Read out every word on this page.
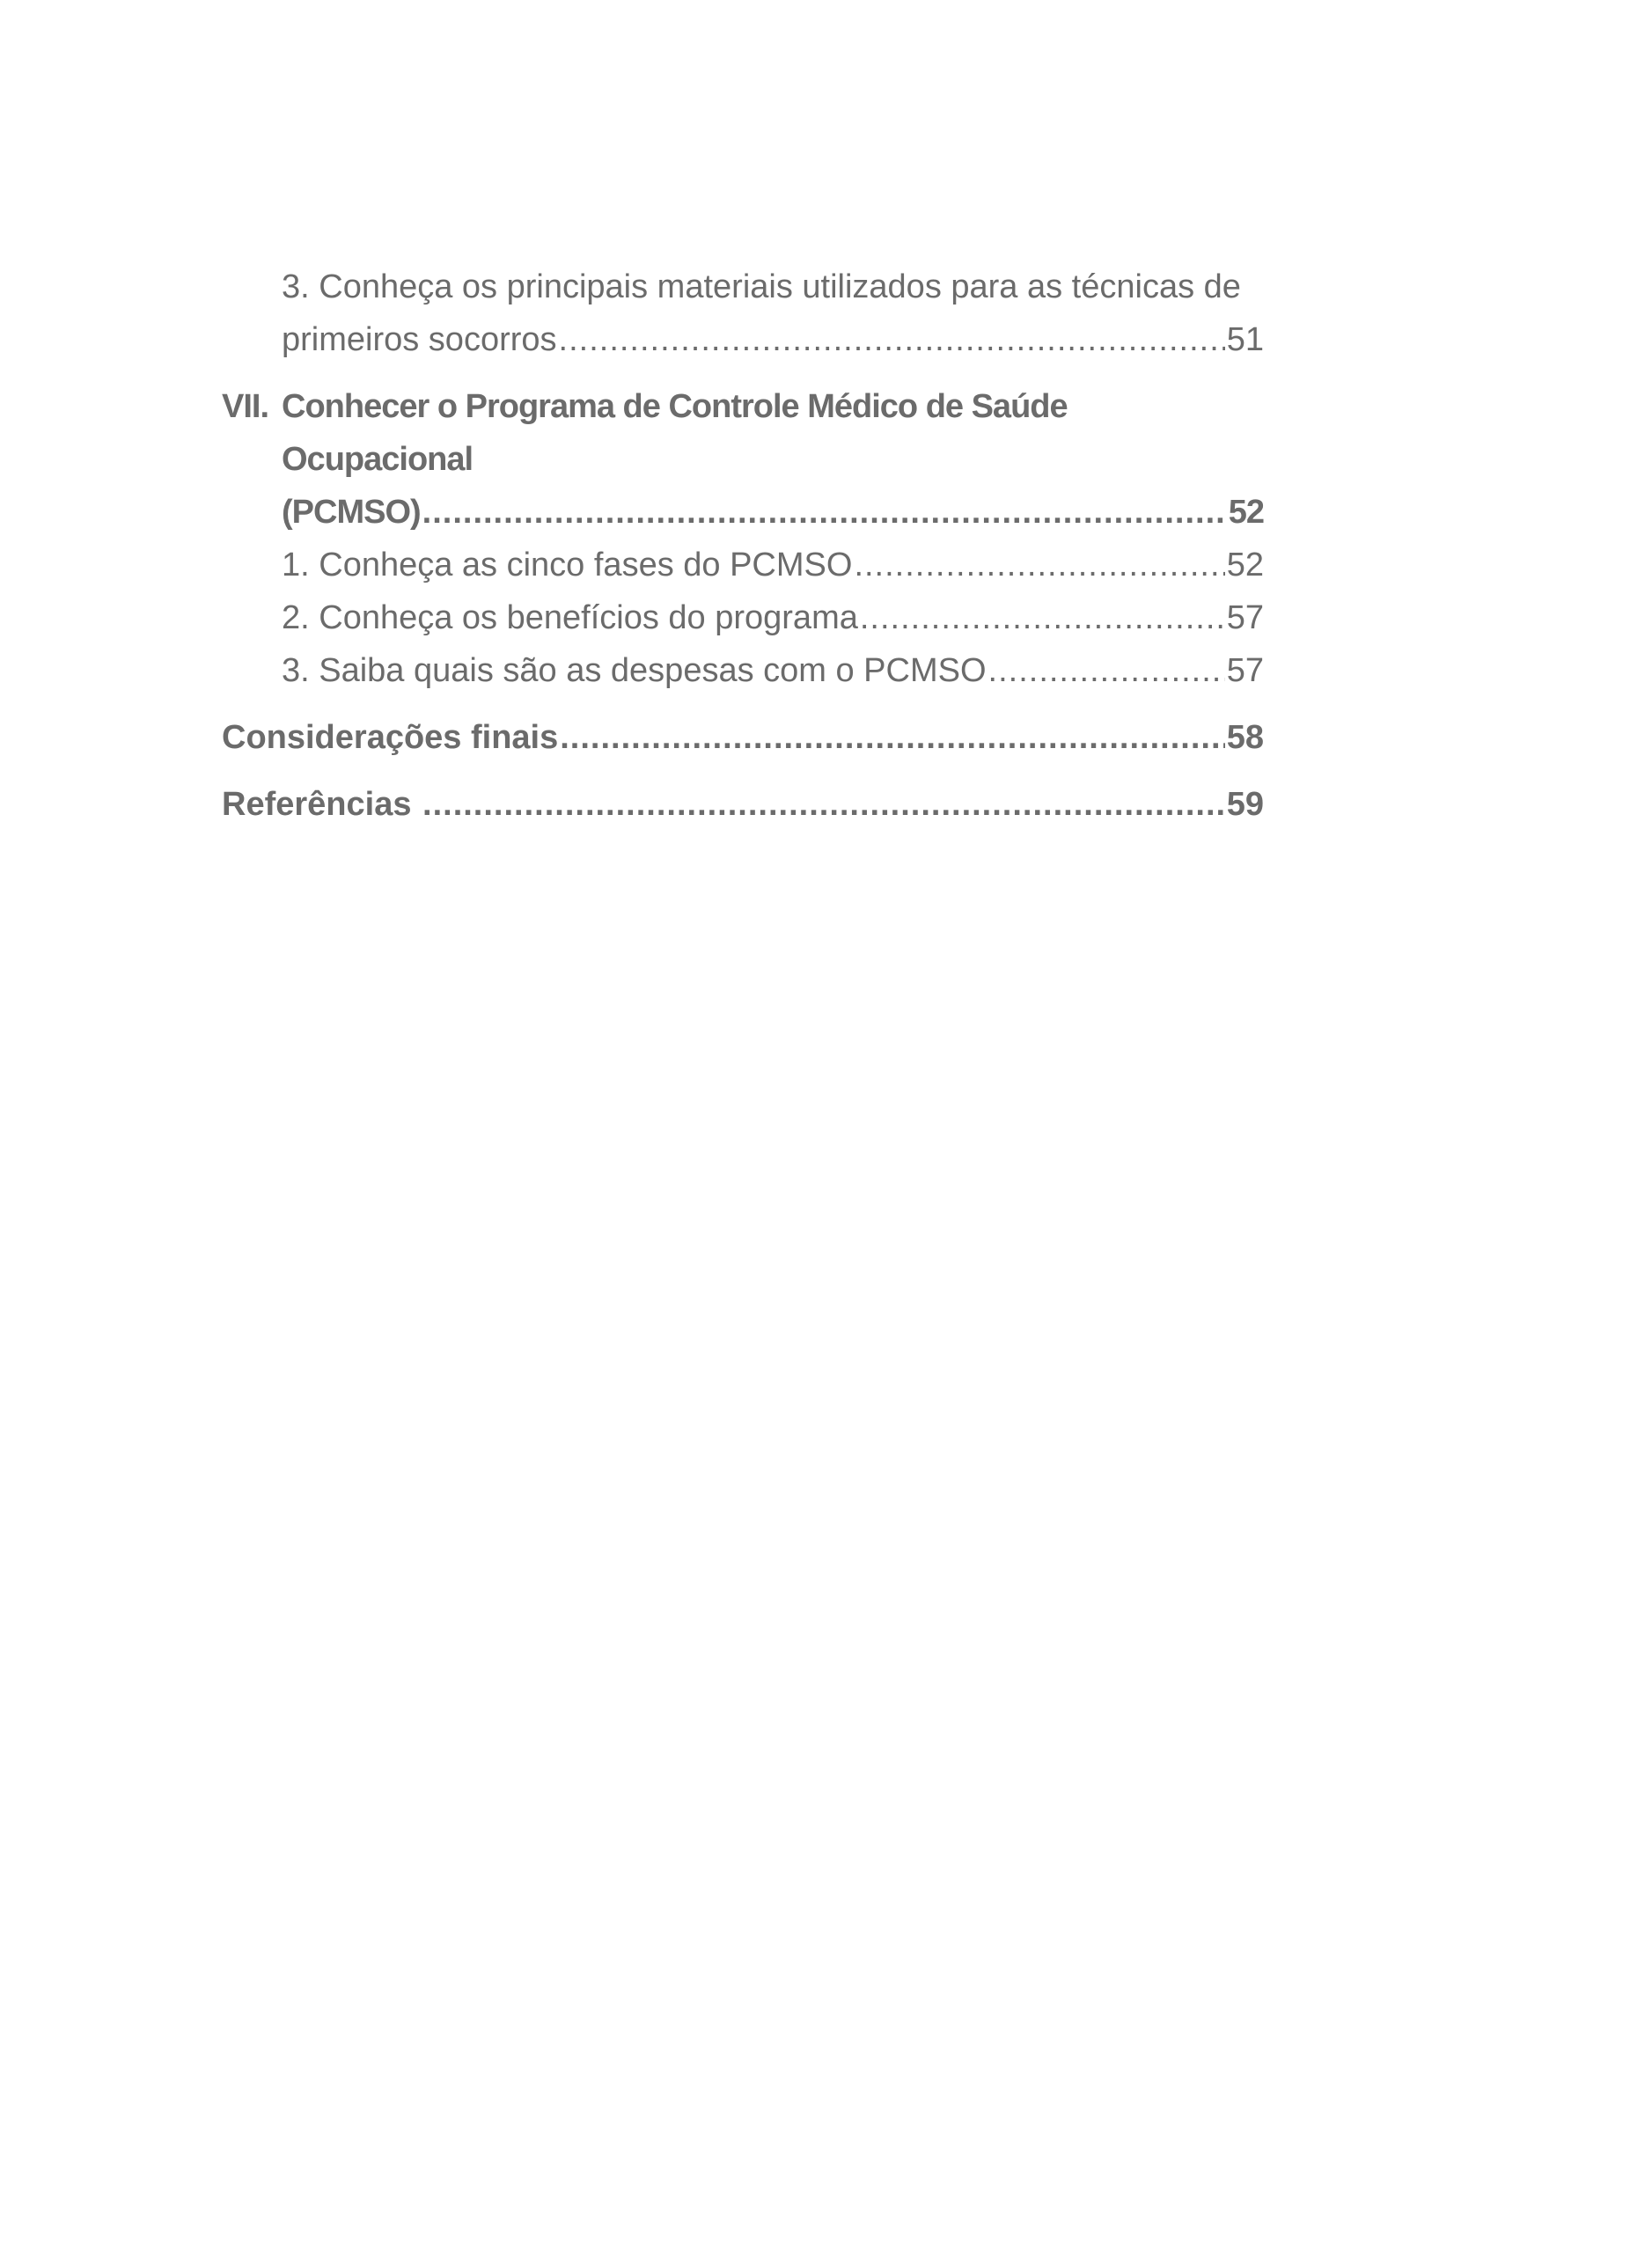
3. Conheça os principais materiais utilizados para as técnicas de
primeiros socorros .....	51
VII. Conhecer o Programa de Controle Médico de Saúde Ocupacional
(PCMSO) .....	52
1. Conheça as cinco fases do PCMSO .....	52
2. Conheça os benefícios do programa .....	57
3. Saiba quais são as despesas com o PCMSO .....	57
Considerações finais .....	58
Referências .....	59
